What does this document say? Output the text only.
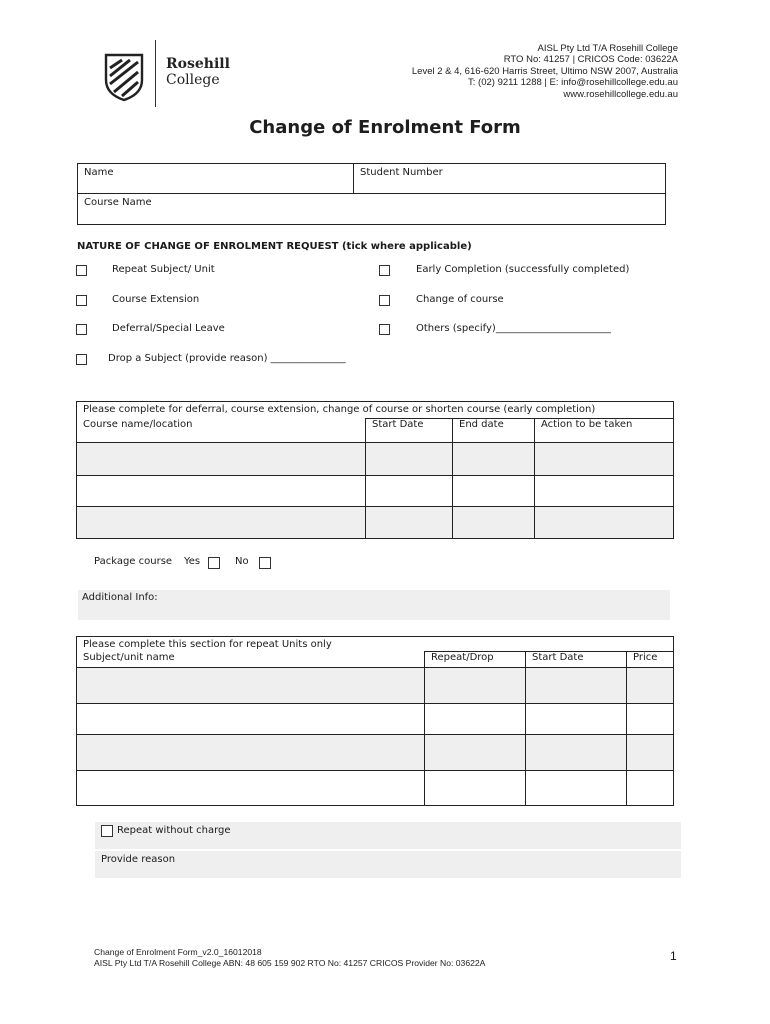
Rosehill
College
AISL Pty Ltd T/A Rosehill College
RTO No: 41257 | CRICOS Code: 03622A
Level 2 & 4, 616-620 Harris Street, Ultimo NSW 2007, Australia
T: (02) 9211 1288 | E: info@rosehillcollege.edu.au
www.rosehillcollege.edu.au
Change of Enrolment Form
Name	Student Number
Course Name
NATURE OF CHANGE OF ENROLMENT REQUEST (tick where applicable)
Repeat Subject/ Unit	Early Completion (successfully completed)
Course Extension	Change of course
Deferral/Special Leave	Others (specify)_______________________
Drop a Subject (provide reason) _______________
Please complete for deferral, course extension, change of course or shorten course (early completion)			
Course name/location	Start Date	End date	Action to be taken

Package course Yes	No
Additional Info:
Please complete this section for repeat Units only			
Subject/unit name	Repeat/Drop	Start Date	Price

Repeat without charge
Provide reason
Change of Enrolment Form_v2.0_16012018
AISL Pty Ltd T/A Rosehill College ABN: 48 605 159 902 RTO No: 41257 CRICOS Provider No: 03622A	1
